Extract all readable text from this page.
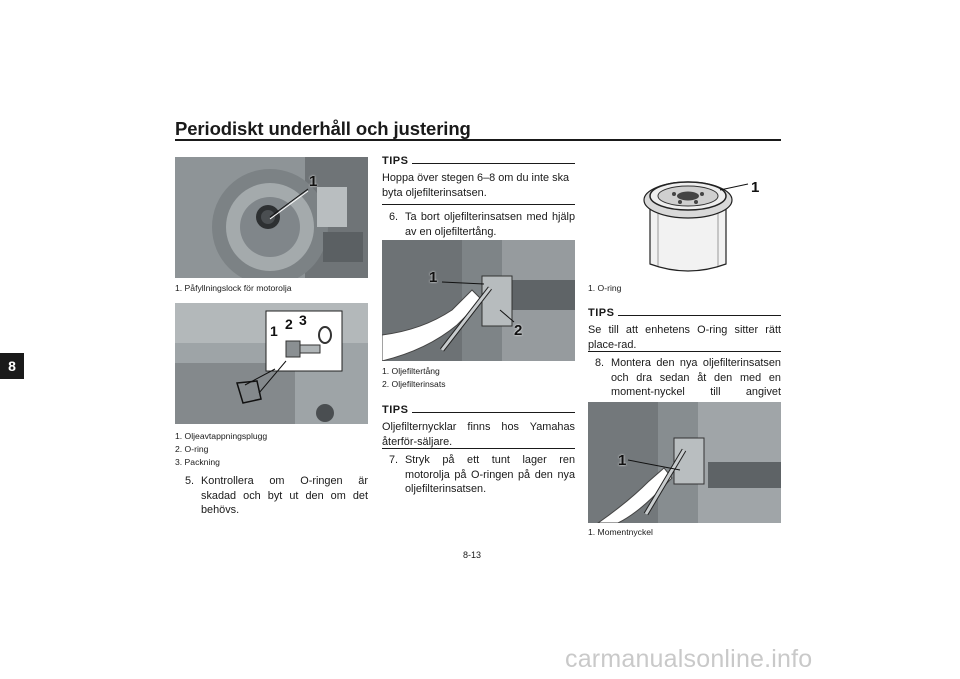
Periodiskt underhåll och justering
8
1
1. Påfyllningslock för motorolja
1 2 3
1. Oljeavtappningsplugg
2. O-ring
3. Packning
5. Kontrollera om O-ringen är skadad och byt ut den om det behövs.
TIPS
Hoppa över stegen 6–8 om du inte ska byta oljefilterinsatsen.
6. Ta bort oljefilterinsatsen med hjälp av en oljefiltertång.
1
2
1. Oljefiltertång
2. Oljefilterinsats
TIPS
Oljefilternycklar finns hos Yamahas återför-säljare.
7. Stryk på ett tunt lager ren motorolja på O-ringen på den nya oljefilterinsatsen.
1
1. O-ring
TIPS
Se till att enhetens O-ring sitter rätt place-rad.
8. Montera den nya oljefilterinsatsen och dra sedan åt den med en moment-nyckel till angivet
1
1. Momentnyckel
8-13
carmanualsonline.info
